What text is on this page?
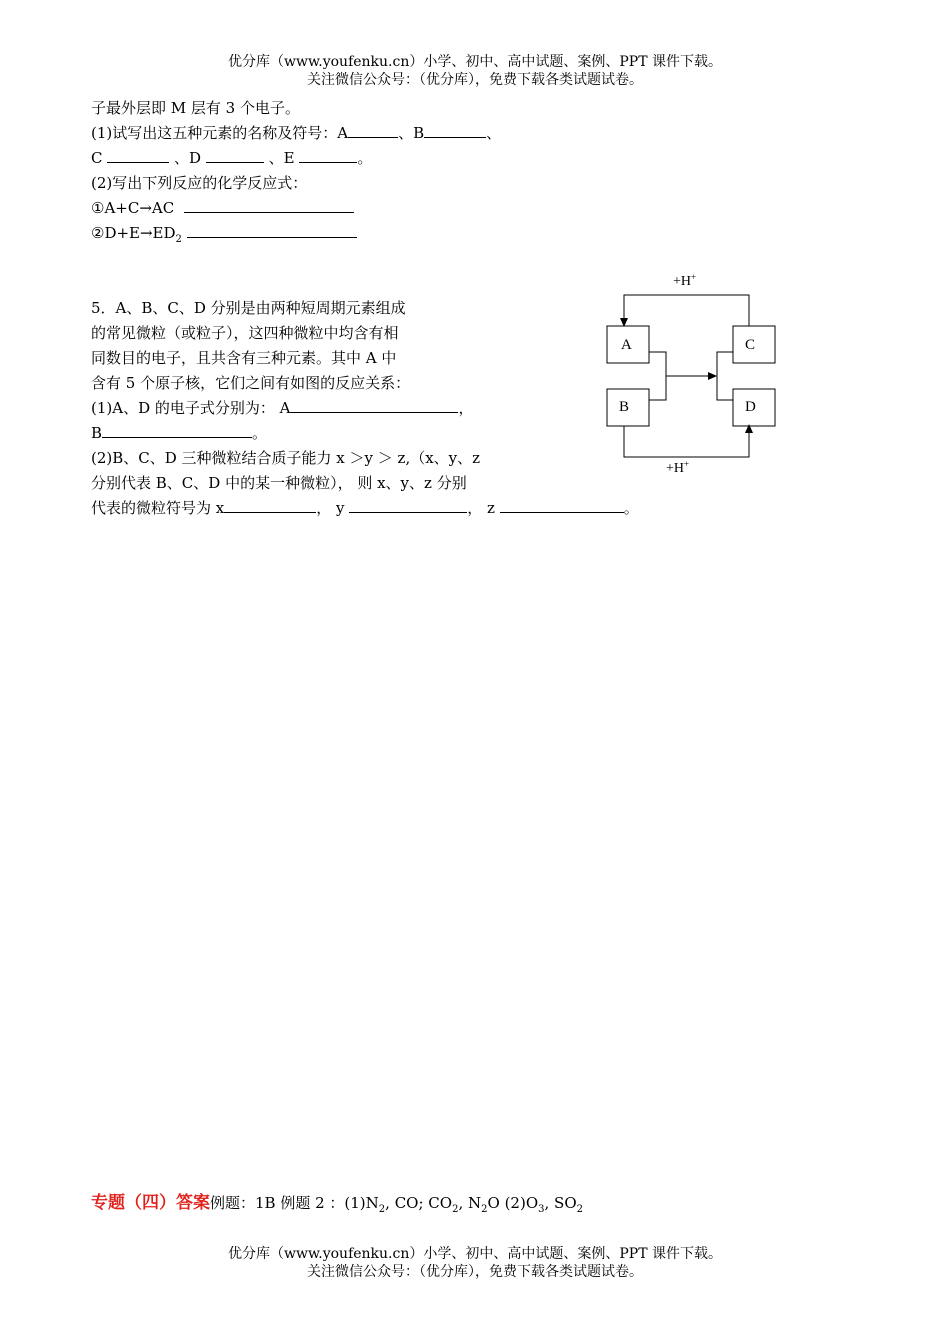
优分库（www.youfenku.cn）小学、初中、高中试题、案例、PPT 课件下载。
关注微信公众号：（优分库），免费下载各类试题试卷。
子最外层即 M 层有 3 个电子。
(1)试写出这五种元素的名称及符号：A	、B	、
C	、D	、E	。
(2)写出下列反应的化学反应式：
①A+C→AC
$②D+E\to ED_2$
5．A、B、C、D 分别是由两种短周期元素组成
的常见微粒（或粒子），这四种微粒中均含有相
同数目的电子，且共含有三种元素。其中 A 中
含有 5 个原子核，它们之间有如图的反应关系：
(1)A、D 的电子式分别为： A	，
B	。
(2)B、C、D 三种微粒结合质子能力 x ＞y ＞ z,（x、y、z
分别代表 B、C、D 中的某一种微粒）， 则 x、y、z 分别
代表的微粒符号为 x	， y	， z	。
A
B
C
D
+H+
+H+
专题（四）答案例题：1B 例题 2 ：$(1)N_2$, CO; $CO_2$, $N_2O$ $(2)O_3$, $SO_2$
优分库（www.youfenku.cn）小学、初中、高中试题、案例、PPT 课件下载。
关注微信公众号：（优分库），免费下载各类试题试卷。
